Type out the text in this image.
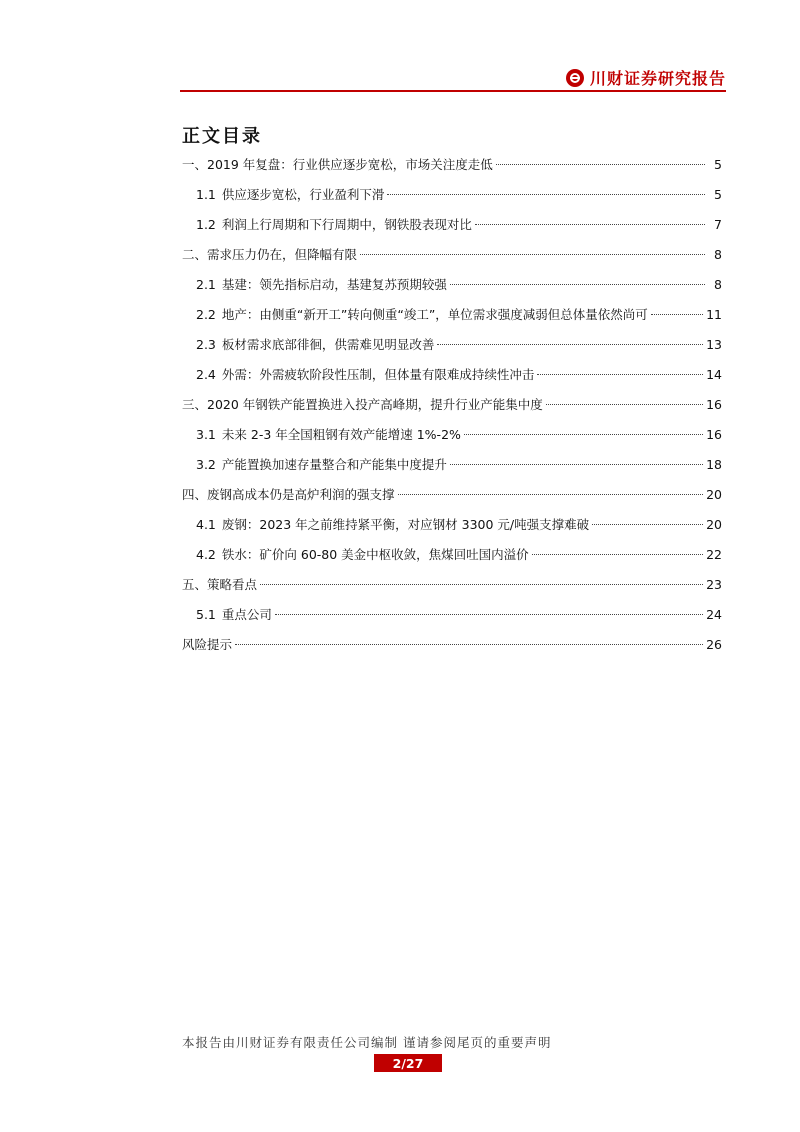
川财证券研究报告
正文目录
一、2019 年复盘：行业供应逐步宽松，市场关注度走低	5
1.1 供应逐步宽松，行业盈利下滑	5
1.2 利润上行周期和下行周期中，钢铁股表现对比	7
二、需求压力仍在，但降幅有限	8
2.1 基建：领先指标启动，基建复苏预期较强	8
2.2 地产：由侧重“新开工”转向侧重“竣工”，单位需求强度减弱但总体量依然尚可	11
2.3 板材需求底部徘徊，供需难见明显改善	13
2.4 外需：外需疲软阶段性压制，但体量有限难成持续性冲击	14
三、2020 年钢铁产能置换进入投产高峰期，提升行业产能集中度	16
3.1 未来 2-3 年全国粗钢有效产能增速 1%-2%	16
3.2 产能置换加速存量整合和产能集中度提升	18
四、废钢高成本仍是高炉利润的强支撑	20
4.1 废钢：2023 年之前维持紧平衡，对应钢材 3300 元/吨强支撑难破	20
4.2 铁水：矿价向 60-80 美金中枢收敛，焦煤回吐国内溢价	22
五、策略看点	23
5.1 重点公司	24
风险提示	26
本报告由川财证券有限责任公司编制 谨请参阅尾页的重要声明
2/27
